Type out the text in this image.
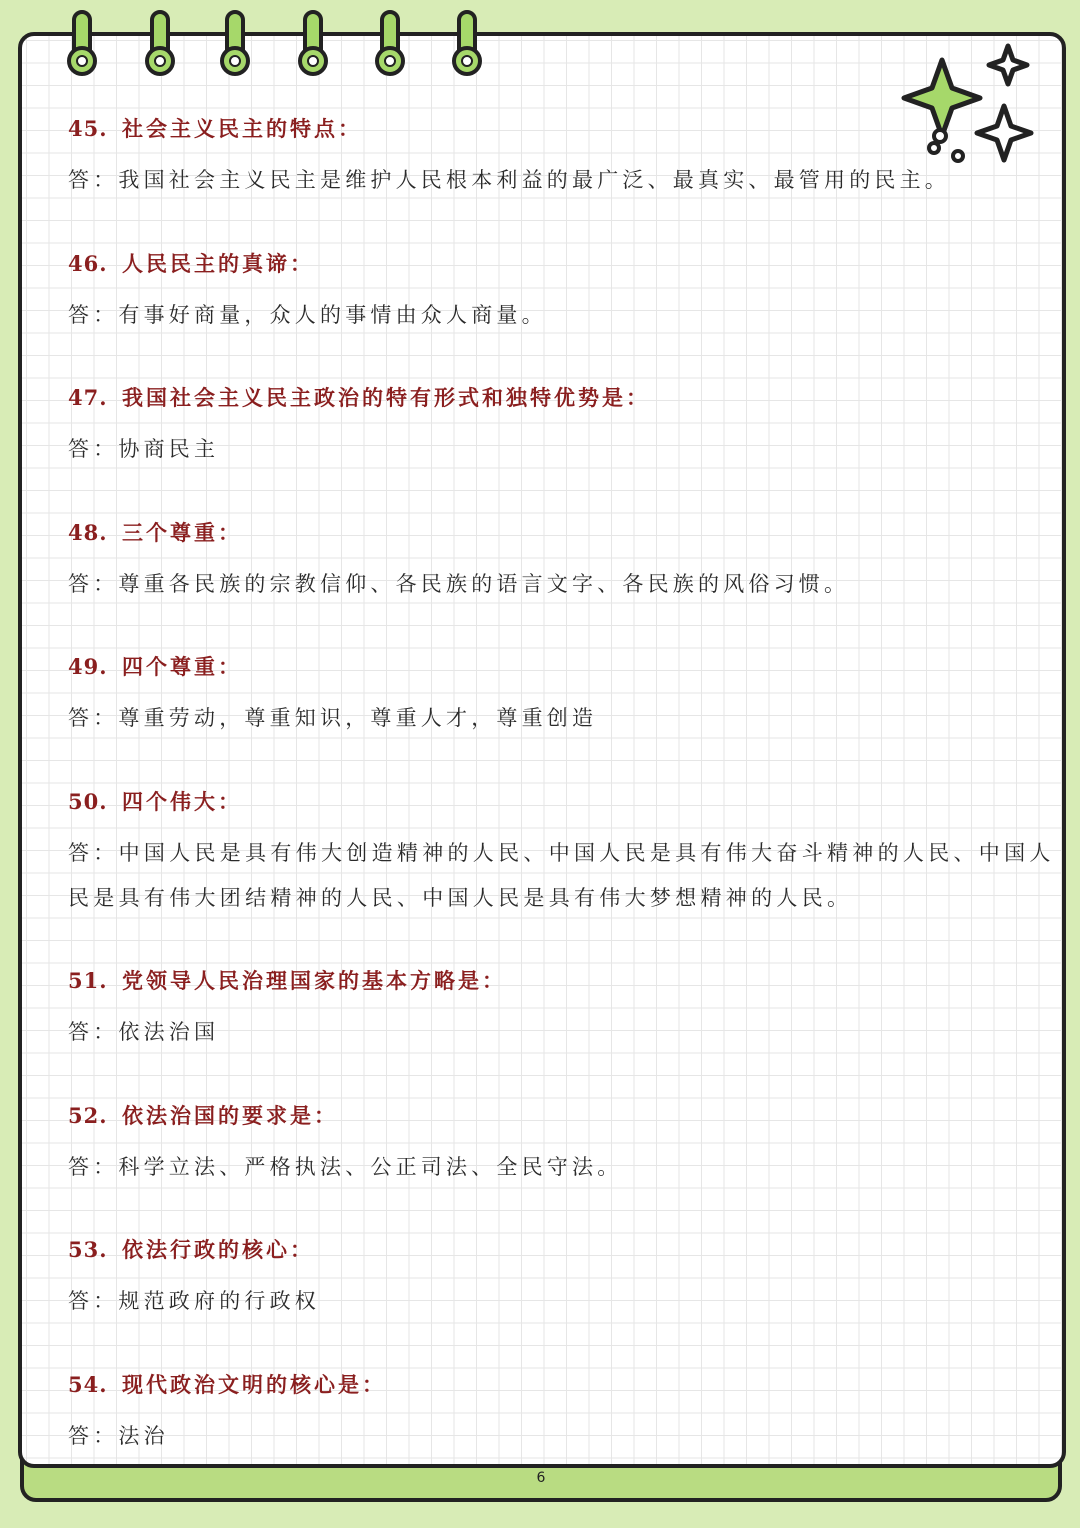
6
45. 社会主义民主的特点：
答：我国社会主义民主是维护人民根本利益的最广泛、最真实、最管用的民主。
46. 人民民主的真谛：
答：有事好商量，众人的事情由众人商量。
47. 我国社会主义民主政治的特有形式和独特优势是：
答：协商民主
48. 三个尊重：
答：尊重各民族的宗教信仰、各民族的语言文字、各民族的风俗习惯。
49. 四个尊重：
答：尊重劳动，尊重知识，尊重人才，尊重创造
50. 四个伟大：
答：中国人民是具有伟大创造精神的人民、中国人民是具有伟大奋斗精神的人民、中国人民是具有伟大团结精神的人民、中国人民是具有伟大梦想精神的人民。
51. 党领导人民治理国家的基本方略是：
答：依法治国
52. 依法治国的要求是：
答：科学立法、严格执法、公正司法、全民守法。
53. 依法行政的核心：
答：规范政府的行政权
54. 现代政治文明的核心是：
答：法治
